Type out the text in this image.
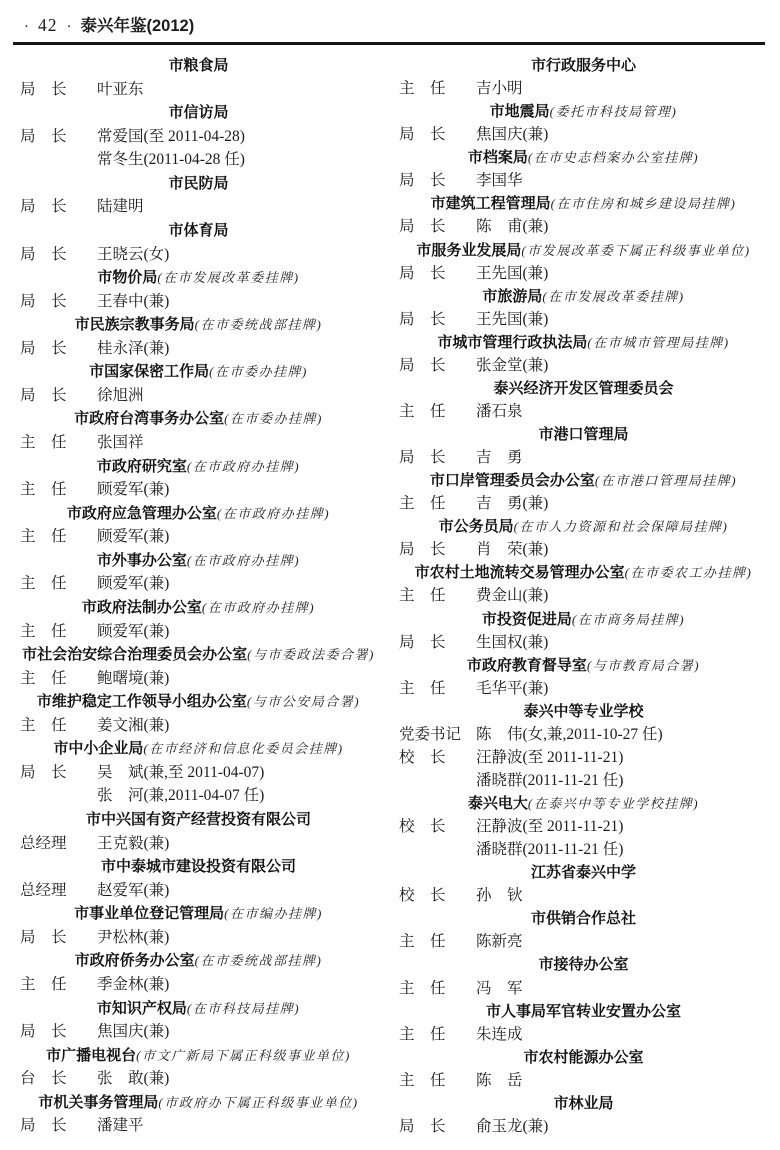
· 42 · 泰兴年鉴(2012)
市粮食局
局　长 叶亚东
市信访局
局　长 常爱国(至 2011-04-28)
常冬生(2011-04-28 任)
市民防局
局　长 陆建明
市体育局
局　长 王晓云(女)
市物价局(在市发展改革委挂牌)
局　长 王春中(兼)
市民族宗教事务局(在市委统战部挂牌)
局　长 桂永泽(兼)
市国家保密工作局(在市委办挂牌)
局　长 徐旭洲
市政府台湾事务办公室(在市委办挂牌)
主　任 张国祥
市政府研究室(在市政府办挂牌)
主　任 顾爱军(兼)
市政府应急管理办公室(在市政府办挂牌)
主　任 顾爱军(兼)
市外事办公室(在市政府办挂牌)
主　任 顾爱军(兼)
市政府法制办公室(在市政府办挂牌)
主　任 顾爱军(兼)
市社会治安综合治理委员会办公室(与市委政法委合署)
主　任 鲍曙境(兼)
市维护稳定工作领导小组办公室(与市公安局合署)
主　任 姜文湘(兼)
市中小企业局(在市经济和信息化委员会挂牌)
局　长 吴　斌(兼,至 2011-04-07)
张　河(兼,2011-04-07 任)
市中兴国有资产经营投资有限公司
总经理 王克毅(兼)
市中泰城市建设投资有限公司
总经理 赵爱军(兼)
市事业单位登记管理局(在市编办挂牌)
局　长 尹松林(兼)
市政府侨务办公室(在市委统战部挂牌)
主　任 季金林(兼)
市知识产权局(在市科技局挂牌)
局　长 焦国庆(兼)
市广播电视台(市文广新局下属正科级事业单位)
台　长 张　敢(兼)
市机关事务管理局(市政府办下属正科级事业单位)
局　长 潘建平
市行政服务中心
主　任 吉小明
市地震局(委托市科技局管理)
局　长 焦国庆(兼)
市档案局(在市史志档案办公室挂牌)
局　长 李国华
市建筑工程管理局(在市住房和城乡建设局挂牌)
局　长 陈　甫(兼)
市服务业发展局(市发展改革委下属正科级事业单位)
局　长 王先国(兼)
市旅游局(在市发展改革委挂牌)
局　长 王先国(兼)
市城市管理行政执法局(在市城市管理局挂牌)
局　长 张金堂(兼)
泰兴经济开发区管理委员会
主　任 潘石泉
市港口管理局
局　长 吉　勇
市口岸管理委员会办公室(在市港口管理局挂牌)
主　任 吉　勇(兼)
市公务员局(在市人力资源和社会保障局挂牌)
局　长 肖　荣(兼)
市农村土地流转交易管理办公室(在市委农工办挂牌)
主　任 费金山(兼)
市投资促进局(在市商务局挂牌)
局　长 生国权(兼)
市政府教育督导室(与市教育局合署)
主　任 毛华平(兼)
泰兴中等专业学校
党委书记 陈　伟(女,兼,2011-10-27 任)
校　长 汪静波(至 2011-11-21)
潘晓群(2011-11-21 任)
泰兴电大(在泰兴中等专业学校挂牌)
校　长 汪静波(至 2011-11-21)
潘晓群(2011-11-21 任)
江苏省泰兴中学
校　长 孙　钬
市供销合作总社
主　任 陈新亮
市接待办公室
主　任 冯　军
市人事局军官转业安置办公室
主　任 朱连成
市农村能源办公室
主　任 陈　岳
市林业局
局　长 俞玉龙(兼)
